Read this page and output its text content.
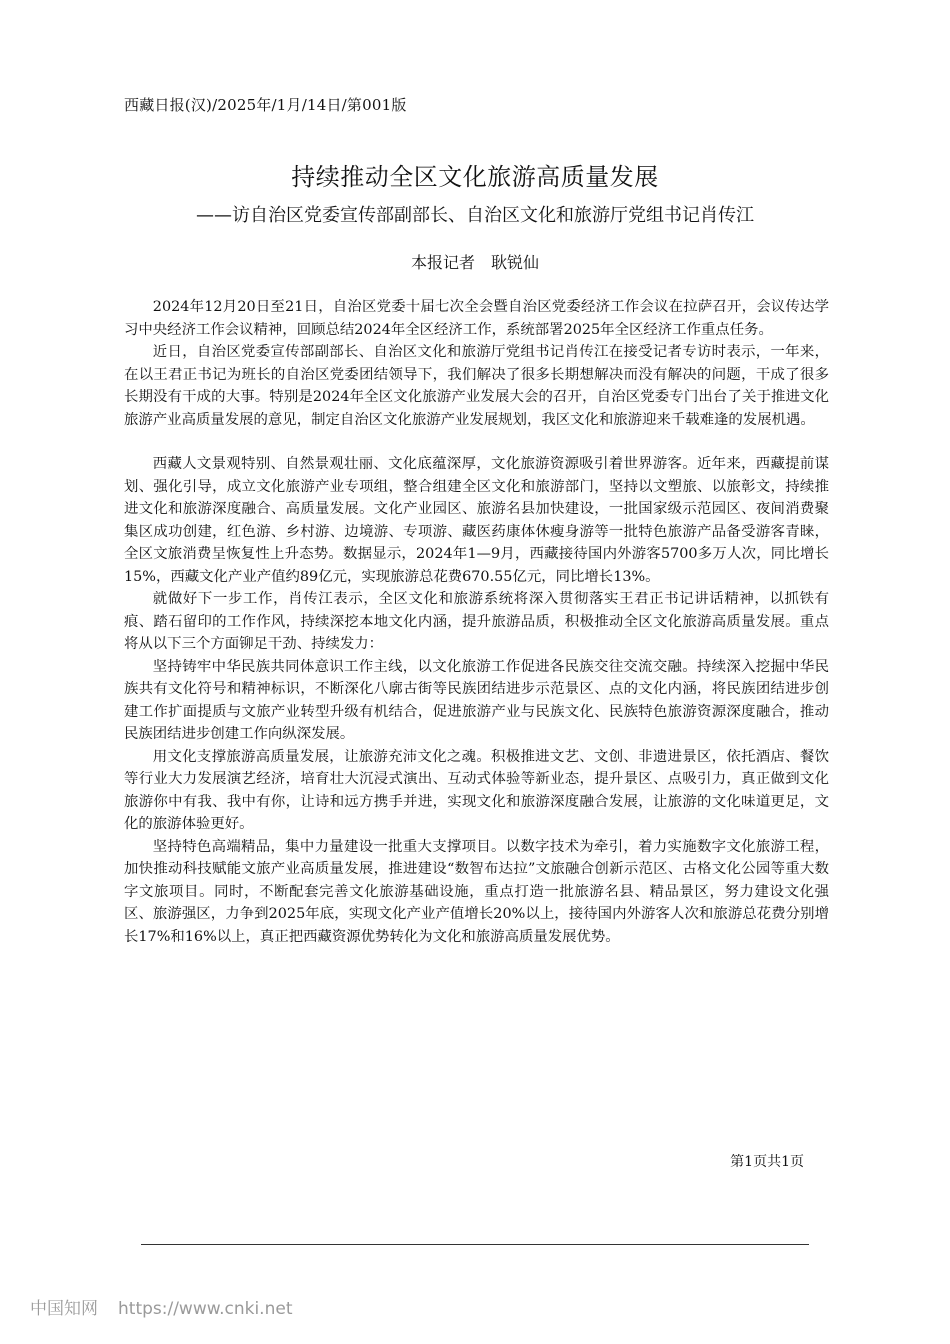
西藏日报(汉)/2025年/1月/14日/第001版
持续推动全区文化旅游高质量发展
——访自治区党委宣传部副部长、自治区文化和旅游厅党组书记肖传江
本报记者　耿锐仙

2024年12月20日至21日，自治区党委十届七次全会暨自治区党委经济工作会议在拉萨召开，会议传达学习中央经济工作会议精神，回顾总结2024年全区经济工作，系统部署2025年全区经济工作重点任务。

近日，自治区党委宣传部副部长、自治区文化和旅游厅党组书记肖传江在接受记者专访时表示，一年来，在以王君正书记为班长的自治区党委团结领导下，我们解决了很多长期想解决而没有解决的问题，干成了很多长期没有干成的大事。特别是2024年全区文化旅游产业发展大会的召开，自治区党委专门出台了关于推进文化旅游产业高质量发展的意见，制定自治区文化旅游产业发展规划，我区文化和旅游迎来千载难逢的发展机遇。

西藏人文景观特别、自然景观壮丽、文化底蕴深厚，文化旅游资源吸引着世界游客。近年来，西藏提前谋划、强化引导，成立文化旅游产业专项组，整合组建全区文化和旅游部门，坚持以文塑旅、以旅彰文，持续推进文化和旅游深度融合、高质量发展。文化产业园区、旅游名县加快建设，一批国家级示范园区、夜间消费聚集区成功创建，红色游、乡村游、边境游、专项游、藏医药康体休瘦身游等一批特色旅游产品备受游客青睐，全区文旅消费呈恢复性上升态势。数据显示，2024年1—9月，西藏接待国内外游客5700多万人次，同比增长15%，西藏文化产业产值约89亿元，实现旅游总花费670.55亿元，同比增长13%。

就做好下一步工作，肖传江表示，全区文化和旅游系统将深入贯彻落实王君正书记讲话精神，以抓铁有痕、踏石留印的工作作风，持续深挖本地文化内涵，提升旅游品质，积极推动全区文化旅游高质量发展。重点将从以下三个方面铆足干劲、持续发力：

坚持铸牢中华民族共同体意识工作主线，以文化旅游工作促进各民族交往交流交融。持续深入挖掘中华民族共有文化符号和精神标识，不断深化八廓古街等民族团结进步示范景区、点的文化内涵，将民族团结进步创建工作扩面提质与文旅产业转型升级有机结合，促进旅游产业与民族文化、民族特色旅游资源深度融合，推动民族团结进步创建工作向纵深发展。

用文化支撑旅游高质量发展，让旅游充沛文化之魂。积极推进文艺、文创、非遗进景区，依托酒店、餐饮等行业大力发展演艺经济，培育壮大沉浸式演出、互动式体验等新业态，提升景区、点吸引力，真正做到文化旅游你中有我、我中有你，让诗和远方携手并进，实现文化和旅游深度融合发展，让旅游的文化味道更足，文化的旅游体验更好。

坚持特色高端精品，集中力量建设一批重大支撑项目。以数字技术为牵引，着力实施数字文化旅游工程，加快推动科技赋能文旅产业高质量发展，推进建设“数智布达拉”文旅融合创新示范区、古格文化公园等重大数字文旅项目。同时，不断配套完善文化旅游基础设施，重点打造一批旅游名县、精品景区，努力建设文化强区、旅游强区，力争到2025年底，实现文化产业产值增长20%以上，接待国内外游客人次和旅游总花费分别增长17%和16%以上，真正把西藏资源优势转化为文化和旅游高质量发展优势。

第1页共1页
中国知网 https://www.cnki.net
